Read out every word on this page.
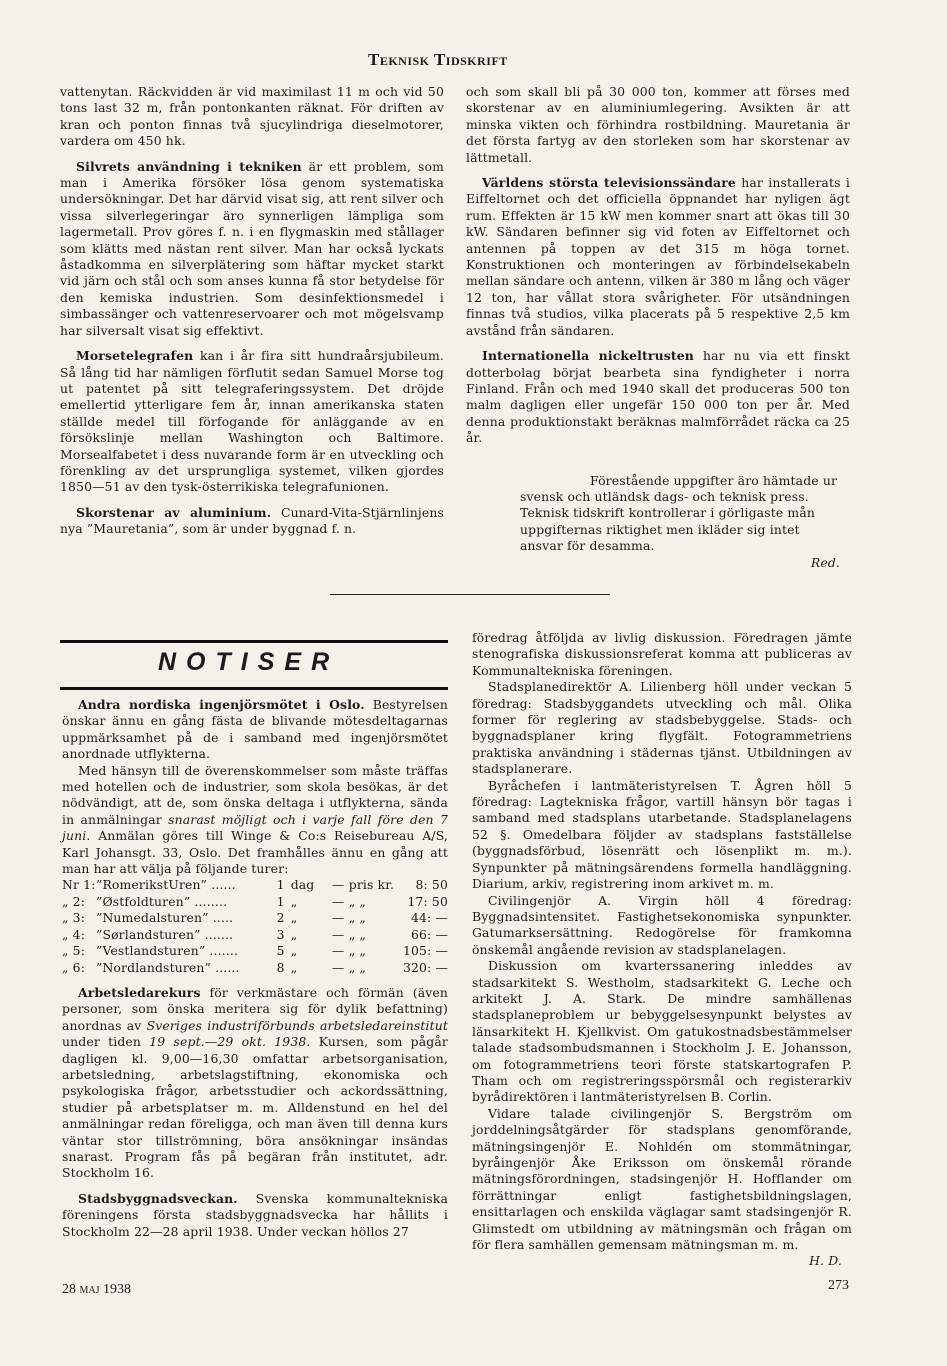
Teknisk Tidskrift

vattenytan. Räckvidden är vid maximilast 11 m och vid 50 tons last 32 m, från pontonkanten räknat. För driften av kran och ponton finnas två sjucylindriga dieselmotorer, vardera om 450 hk.

Silvrets användning i tekniken är ett problem, som man i Amerika försöker lösa genom systematiska undersökningar. Det har därvid visat sig, att rent silver och vissa silverlegeringar äro synnerligen lämpliga som lagermetall. Prov göres f. n. i en flygmaskin med stållager som klätts med nästan rent silver. Man har också lyckats åstadkomma en silverplätering som häftar mycket starkt vid järn och stål och som anses kunna få stor betydelse för den kemiska industrien. Som desinfektionsmedel i simbassänger och vattenreservoarer och mot mögelsvamp har silversalt visat sig effektivt.

Morsetelegrafen kan i år fira sitt hundraårsjubileum. Så lång tid har nämligen förflutit sedan Samuel Morse tog ut patentet på sitt telegraferingssystem. Det dröjde emellertid ytterligare fem år, innan amerikanska staten ställde medel till förfogande för anläggande av en försökslinje mellan Washington och Baltimore. Morsealfabetet i dess nuvarande form är en utveckling och förenkling av det ursprungliga systemet, vilken gjordes 1850—51 av den tysk-österrikiska telegrafunionen.

Skorstenar av aluminium. Cunard-Vita-Stjärnlinjens nya ”Mauretania”, som är under byggnad f. n.

och som skall bli på 30 000 ton, kommer att förses med skorstenar av en aluminiumlegering. Avsikten är att minska vikten och förhindra rostbildning. Mauretania är det första fartyg av den storleken som har skorstenar av lättmetall.

Världens största televisionssändare har installerats i Eiffeltornet och det officiella öppnandet har nyligen ägt rum. Effekten är 15 kW men kommer snart att ökas till 30 kW. Sändaren befinner sig vid foten av Eiffeltornet och antennen på toppen av det 315 m höga tornet. Konstruktionen och monteringen av förbindelsekabeln mellan sändare och antenn, vilken är 380 m lång och väger 12 ton, har vållat stora svårigheter. För utsändningen finnas två studios, vilka placerats på 5 respektive 2,5 km avstånd från sändaren.

Internationella nickeltrusten har nu via ett finskt dotterbolag börjat bearbeta sina fyndigheter i norra Finland. Från och med 1940 skall det produceras 500 ton malm dagligen eller ungefär 150 000 ton per år. Med denna produktionstakt beräknas malmförrådet räcka ca 25 år.

Förestående uppgifter äro hämtade ur svensk och utländsk dags- och teknisk press. Teknisk tidskrift kontrollerar i görligaste mån uppgifternas riktighet men ikläder sig intet ansvar för desamma.

Red.

NOTISER

Andra nordiska ingenjörsmötet i Oslo. Bestyrelsen önskar ännu en gång fästa de blivande mötesdeltagarnas uppmärksamhet på de i samband med ingenjörsmötet anordnade utflykterna.

Med hänsyn till de överenskommelser som måste träffas med hotellen och de industrier, som skola besökas, är det nödvändigt, att de, som önska deltaga i utflykterna, sända in anmälningar snarast möjligt och i varje fall före den 7 juni. Anmälan göres till Winge & Co:s Reisebureau A/S, Karl Johansgt. 33, Oslo. Det framhålles ännu en gång att man har att välja på följande turer:

Nr 1:	”RomerikstUren” ......	1	dag	—	pris kr.	8: 50
„ 2:	”Østfoldturen” ........	1	„	—	„ „	17: 50
„ 3:	”Numedalsturen” .....	2	„	—	„ „	44: —
„ 4:	”Sørlandsturen” .......	3	„	—	„ „	66: —
„ 5:	”Vestlandsturen” .......	5	„	—	„ „	105: —
„ 6:	”Nordlandsturen” ......	8	„	—	„ „	320: —

Arbetsledarekurs för verkmästare och förmän (även personer, som önska meritera sig för dylik befattning) anordnas av Sveriges industriförbunds arbetsledareinstitut under tiden 19 sept.—29 okt. 1938. Kursen, som pågår dagligen kl. 9,00—16,30 omfattar arbetsorganisation, arbetsledning, arbetslagstiftning, ekonomiska och psykologiska frågor, arbetsstudier och ackordssättning, studier på arbetsplatser m. m. Alldenstund en hel del anmälningar redan föreligga, och man även till denna kurs väntar stor tillströmning, böra ansökningar insändas snarast. Program fås på begäran från institutet, adr. Stockholm 16.

Stadsbyggnadsveckan. Svenska kommunaltekniska föreningens första stadsbyggnadsvecka har hållits i Stockholm 22—28 april 1938. Under veckan höllos 27

föredrag åtföljda av livlig diskussion. Föredragen jämte stenografiska diskussionsreferat komma att publiceras av Kommunaltekniska föreningen.

Stadsplanedirektör A. Lilienberg höll under veckan 5 föredrag: Stadsbyggandets utveckling och mål. Olika former för reglering av stadsbebyggelse. Stads- och byggnadsplaner kring flygfält. Fotogrammetriens praktiska användning i städernas tjänst. Utbildningen av stadsplanerare.

Byråchefen i lantmäteristyrelsen T. Ågren höll 5 föredrag: Lagtekniska frågor, vartill hänsyn bör tagas i samband med stadsplans utarbetande. Stadsplanelagens 52 §. Omedelbara följder av stadsplans fastställelse (byggnadsförbud, lösenrätt och lösenplikt m. m.). Synpunkter på mätningsärendens formella handläggning. Diarium, arkiv, registrering inom arkivet m. m.

Civilingenjör A. Virgin höll 4 föredrag: Byggnadsintensitet. Fastighetsekonomiska synpunkter. Gatumarksersättning. Redogörelse för framkomna önskemål angående revision av stadsplanelagen.

Diskussion om kvarterssanering inleddes av stadsarkitekt S. Westholm, stadsarkitekt G. Leche och arkitekt J. A. Stark. De mindre samhällenas stadsplaneproblem ur bebyggelsesynpunkt belystes av länsarkitekt H. Kjellkvist. Om gatukostnadsbestämmelser talade stadsombudsmannen i Stockholm J. E. Johansson, om fotogrammetriens teori förste statskartografen P. Tham och om registreringsspörsmål och registerarkiv byrådirektören i lantmäteristyrelsen B. Corlin.

Vidare talade civilingenjör S. Bergström om jorddelningsåtgärder för stadsplans genomförande, mätningsingenjör E. Nohldén om stommätningar, byråingenjör Åke Eriksson om önskemål rörande mätningsförordningen, stadsingenjör H. Hofflander om förrättningar enligt fastighetsbildningslagen, ensittarlagen och enskilda väglagar samt stadsingenjör R. Glimstedt om utbildning av mätningsmän och frågan om för flera samhällen gemensam mätningsman m. m.

H. D.

28 maj 1938	273
